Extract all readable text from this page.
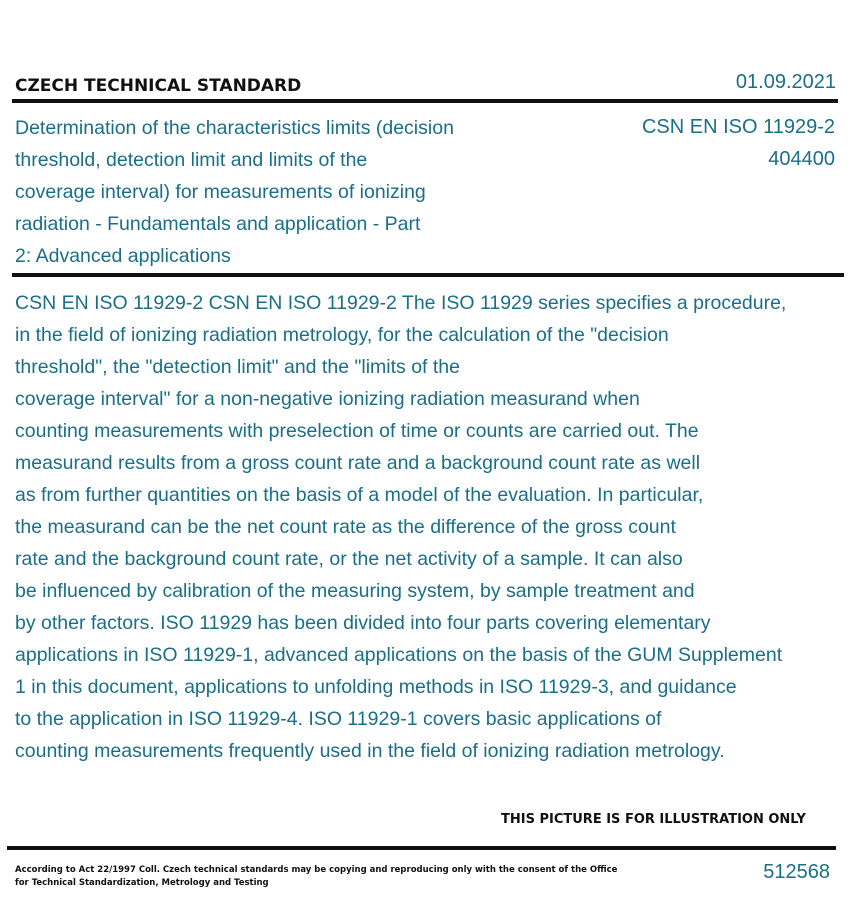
CZECH TECHNICAL STANDARD	01.09.2021
Determination of the characteristics limits (decision
threshold, detection limit and limits of the
coverage interval) for measurements of ionizing
radiation - Fundamentals and application - Part
2: Advanced applications
CSN EN ISO 11929-2
404400
CSN EN ISO 11929-2 CSN EN ISO 11929-2 The ISO 11929 series specifies a procedure,
in the field of ionizing radiation metrology, for the calculation of the "decision
threshold", the "detection limit" and the "limits of the
coverage interval" for a non-negative ionizing radiation measurand when
counting measurements with preselection of time or counts are carried out. The
measurand results from a gross count rate and a background count rate as well
as from further quantities on the basis of a model of the evaluation. In particular,
the measurand can be the net count rate as the difference of the gross count
rate and the background count rate, or the net activity of a sample. It can also
be influenced by calibration of the measuring system, by sample treatment and
by other factors. ISO 11929 has been divided into four parts covering elementary
applications in ISO 11929-1, advanced applications on the basis of the GUM Supplement
1 in this document, applications to unfolding methods in ISO 11929-3, and guidance
to the application in ISO 11929-4. ISO 11929-1 covers basic applications of
counting measurements frequently used in the field of ionizing radiation metrology.
THIS PICTURE IS FOR ILLUSTRATION ONLY
According to Act 22/1997 Coll. Czech technical standards may be copying and reproducing only with the consent of the Office
for Technical Standardization, Metrology and Testing	512568
